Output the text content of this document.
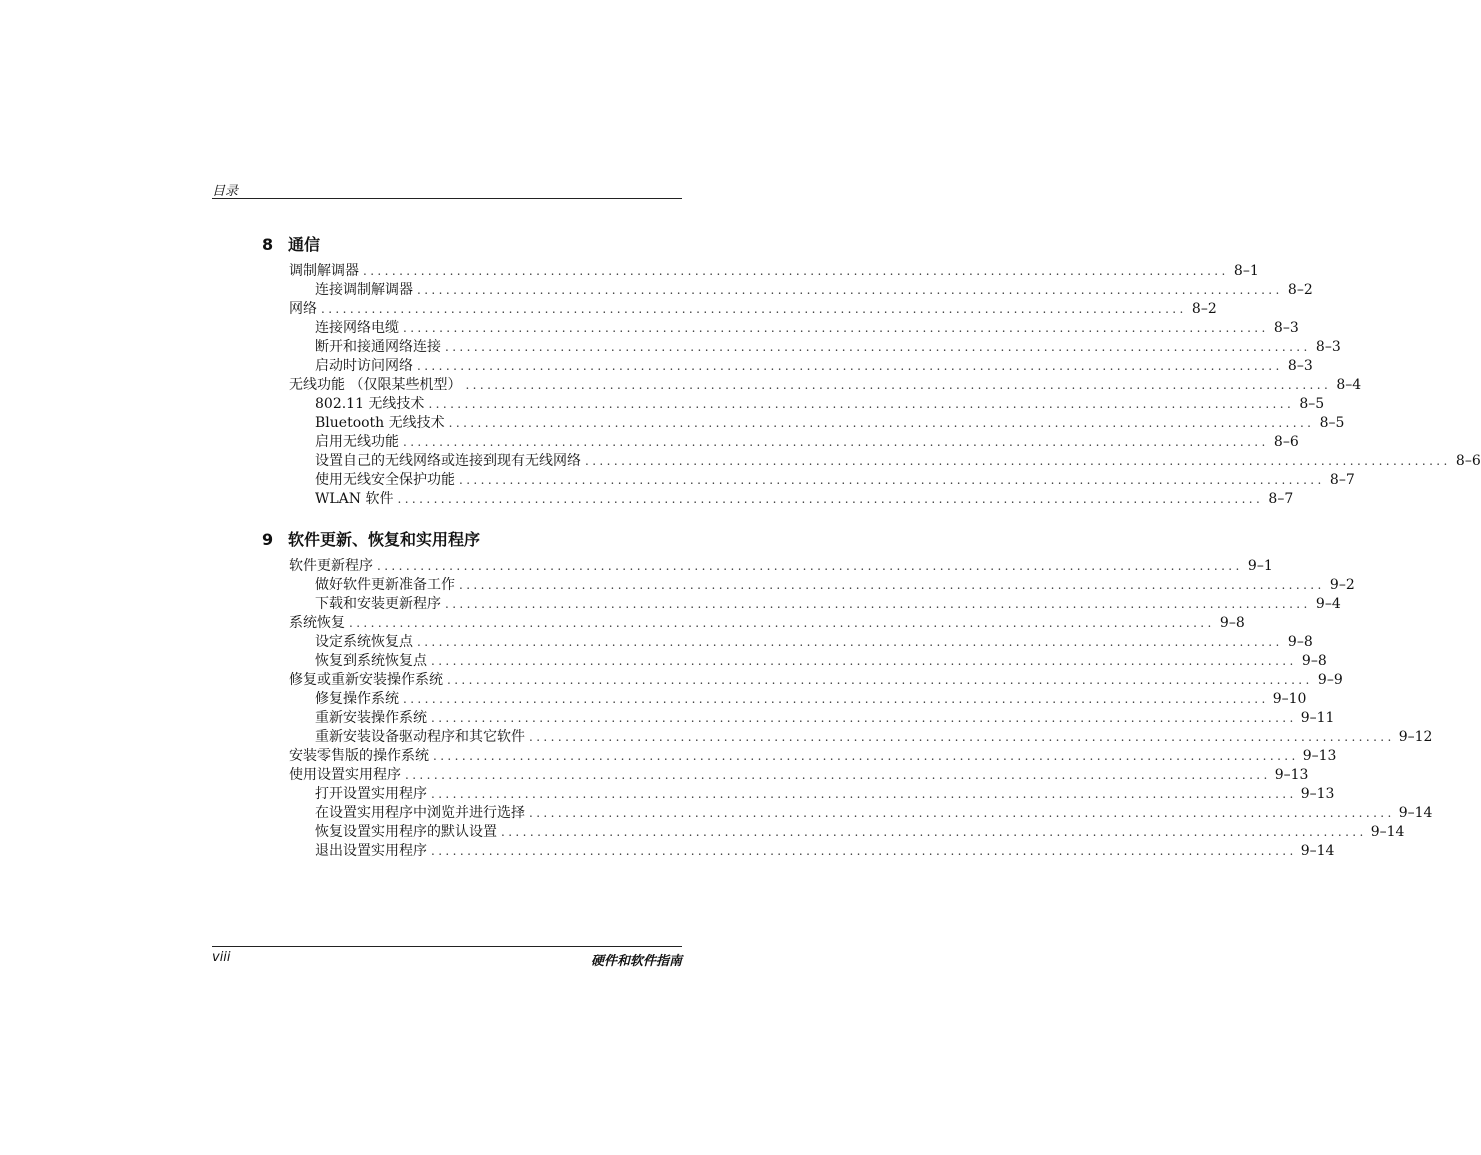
目录
8 通信
调制解调器 ........................................................................................................................ 8–1
连接调制解调器 ........................................................................................................................ 8–2
网络 ........................................................................................................................ 8–2
连接网络电缆 ........................................................................................................................ 8–3
断开和接通网络连接 ........................................................................................................................ 8–3
启动时访问网络 ........................................................................................................................ 8–3
无线功能 （仅限某些机型） ........................................................................................................................ 8–4
802.11 无线技术 ........................................................................................................................ 8–5
Bluetooth 无线技术 ........................................................................................................................ 8–5
启用无线功能 ........................................................................................................................ 8–6
设置自己的无线网络或连接到现有无线网络 ........................................................................................................................ 8–6
使用无线安全保护功能 ........................................................................................................................ 8–7
WLAN 软件 ........................................................................................................................ 8–7
9 软件更新、恢复和实用程序
软件更新程序 ........................................................................................................................ 9–1
做好软件更新准备工作 ........................................................................................................................ 9–2
下载和安装更新程序 ........................................................................................................................ 9–4
系统恢复 ........................................................................................................................ 9–8
设定系统恢复点 ........................................................................................................................ 9–8
恢复到系统恢复点 ........................................................................................................................ 9–8
修复或重新安装操作系统 ........................................................................................................................ 9–9
修复操作系统 ........................................................................................................................ 9–10
重新安装操作系统 ........................................................................................................................ 9–11
重新安装设备驱动程序和其它软件 ........................................................................................................................ 9–12
安装零售版的操作系统 ........................................................................................................................ 9–13
使用设置实用程序 ........................................................................................................................ 9–13
打开设置实用程序 ........................................................................................................................ 9–13
在设置实用程序中浏览并进行选择 ........................................................................................................................ 9–14
恢复设置实用程序的默认设置 ........................................................................................................................ 9–14
退出设置实用程序 ........................................................................................................................ 9–14
viii	硬件和软件指南
